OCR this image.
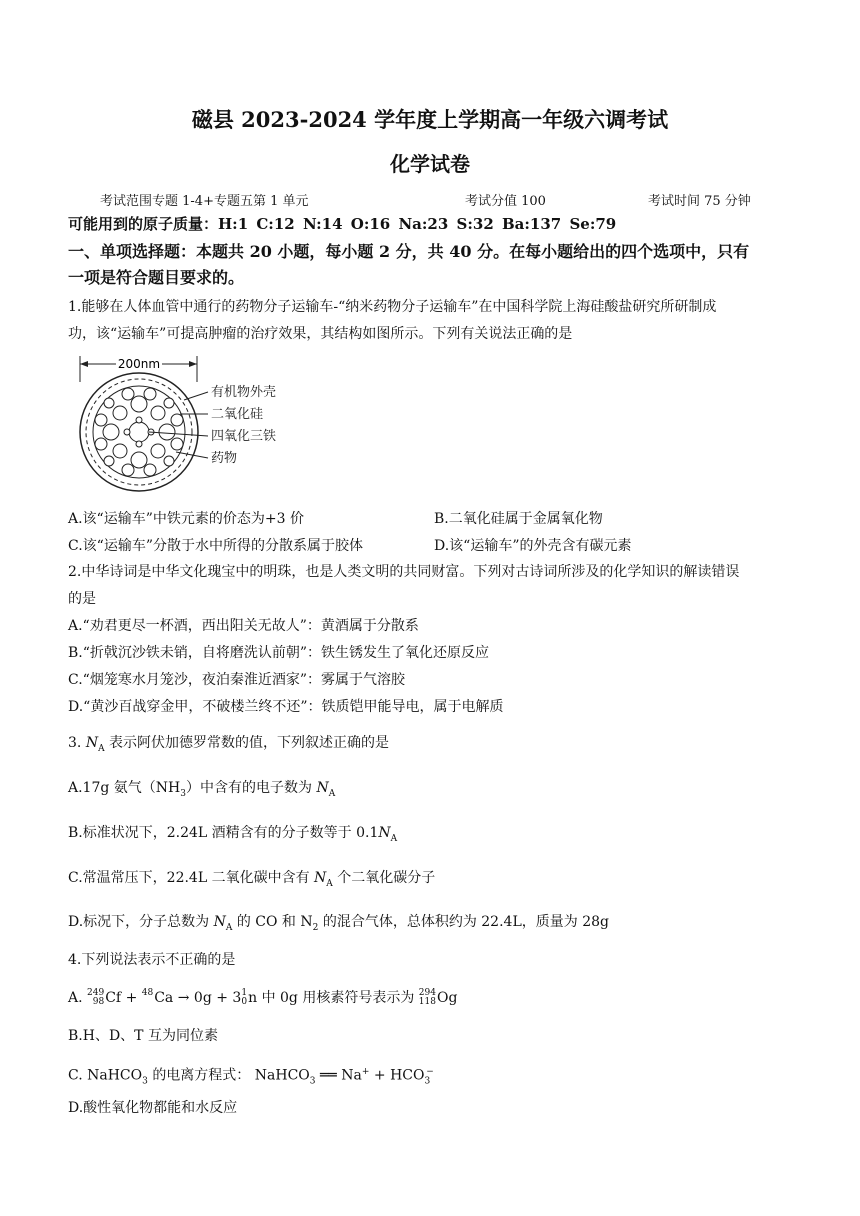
磁县 2023-2024 学年度上学期高一年级六调考试
化学试卷
考试范围专题 1-4+专题五第 1 单元	考试分值 100	考试时间 75 分钟
可能用到的原子质量：H:1 C:12 N:14 O:16 Na:23 S:32 Ba:137 Se:79
一、单项选择题：本题共 20 小题，每小题 2 分，共 40 分。在每小题给出的四个选项中，只有
一项是符合题目要求的。
1.能够在人体血管中通行的药物分子运输车-“纳米药物分子运输车”在中国科学院上海硅酸盐研究所研制成
功，该“运输车”可提高肿瘤的治疗效果，其结构如图所示。下列有关说法正确的是
200nm
有机物外壳
二氧化硅
四氧化三铁
药物
A.该“运输车”中铁元素的价态为+3 价	B.二氧化硅属于金属氧化物
C.该“运输车”分散于水中所得的分散系属于胶体	D.该“运输车”的外壳含有碳元素
2.中华诗词是中华文化瑰宝中的明珠，也是人类文明的共同财富。下列对古诗词所涉及的化学知识的解读错误
的是
A.“劝君更尽一杯酒，西出阳关无故人”：黄酒属于分散系
B.“折戟沉沙铁未销，自将磨洗认前朝”：铁生锈发生了氧化还原反应
C.“烟笼寒水月笼沙，夜泊秦淮近酒家”：雾属于气溶胶
D.“黄沙百战穿金甲，不破楼兰终不还”：铁质铠甲能导电，属于电解质
3. $N_A$ 表示阿伏加德罗常数的值，下列叙述正确的是
A.17g 氨气$(NH_3)$中含有的电子数为 $N_A$
B.标准状况下，2.24L 酒精含有的分子数等于 $0.1N_A$
C.常温常压下，22.4L 二氧化碳中含有 $N_A$ 个二氧化碳分子
D.标况下，分子总数为 $N_A$ 的 CO 和 $N_2$ 的混合气体，总体积约为 22.4L，质量为 28g
4.下列说法表示不正确的是
A. 249
98 Cf + 48
Ca → 0g + 3 1
0 n 中 0g 用核素符号表示为 294
118 Og
B.H、D、T 互为同位素
C. NaHCO$_3$ 的电离方程式： NaHCO$_3$ ══ $Na^+ + HCO_3^-$
D.酸性氧化物都能和水反应
